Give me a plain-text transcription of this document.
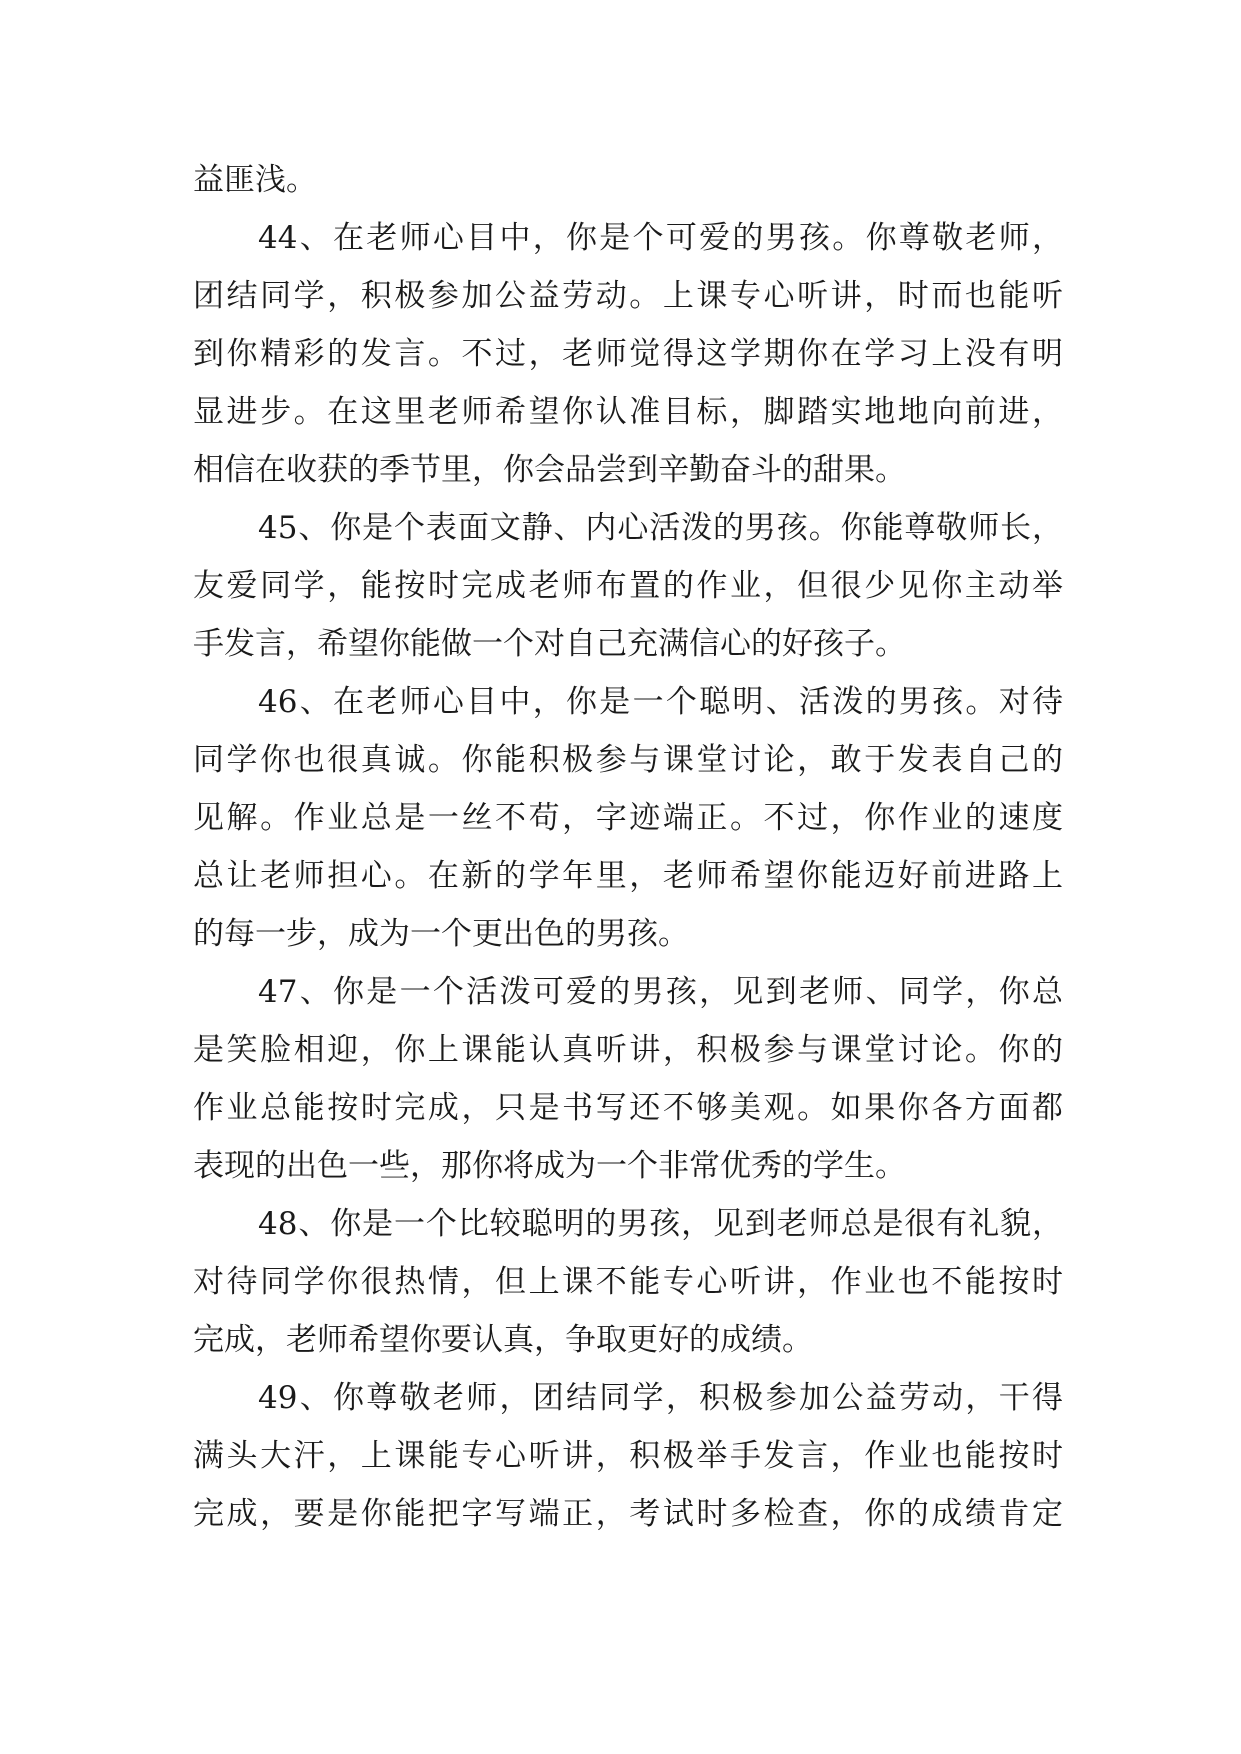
益匪浅。
44、在老师心目中，你是个可爱的男孩。你尊敬老师，
团结同学，积极参加公益劳动。上课专心听讲，时而也能听
到你精彩的发言。不过，老师觉得这学期你在学习上没有明
显进步。在这里老师希望你认准目标，脚踏实地地向前进，
相信在收获的季节里，你会品尝到辛勤奋斗的甜果。
45、你是个表面文静、内心活泼的男孩。你能尊敬师长，
友爱同学，能按时完成老师布置的作业，但很少见你主动举
手发言，希望你能做一个对自己充满信心的好孩子。
46、在老师心目中，你是一个聪明、活泼的男孩。对待
同学你也很真诚。你能积极参与课堂讨论，敢于发表自己的
见解。作业总是一丝不苟，字迹端正。不过，你作业的速度
总让老师担心。在新的学年里，老师希望你能迈好前进路上
的每一步，成为一个更出色的男孩。
47、你是一个活泼可爱的男孩，见到老师、同学，你总
是笑脸相迎，你上课能认真听讲，积极参与课堂讨论。你的
作业总能按时完成，只是书写还不够美观。如果你各方面都
表现的出色一些，那你将成为一个非常优秀的学生。
48、你是一个比较聪明的男孩，见到老师总是很有礼貌，
对待同学你很热情，但上课不能专心听讲，作业也不能按时
完成，老师希望你要认真，争取更好的成绩。
49、你尊敬老师，团结同学，积极参加公益劳动，干得
满头大汗，上课能专心听讲，积极举手发言，作业也能按时
完成，要是你能把字写端正，考试时多检查，你的成绩肯定
